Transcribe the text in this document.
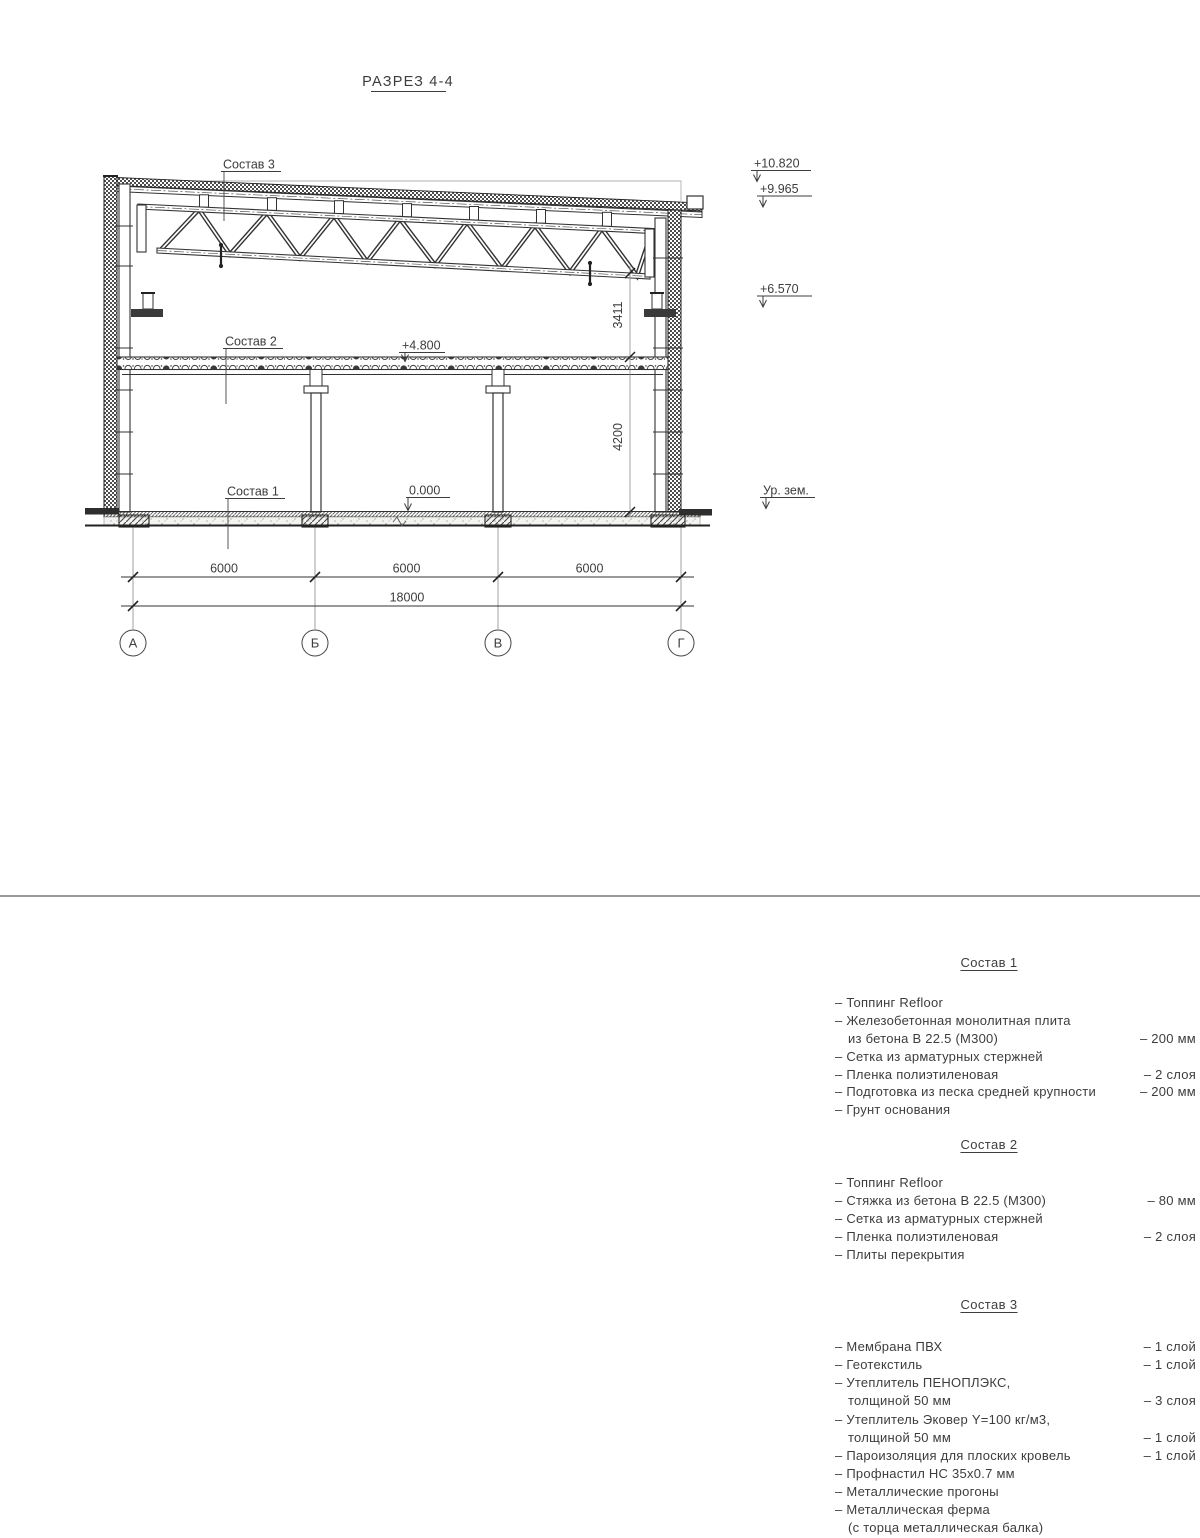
РАЗРЕЗ 4-4
3411
4200
6000	6000	6000
18000
А	Б	В	Г
Состав 3
Состав 2
Состав 1
+10.820
+9.965
+6.570
Ур. зем.
+4.800
0.000
Состав 1
– Топпинг Refloor
– Железобетонная монолитная плита
из бетона В 22.5 (М300)	– 200 мм
– Сетка из арматурных стержней
– Пленка полиэтиленовая	– 2 слоя
– Подготовка из песка средней крупности	– 200 мм
– Грунт основания
Состав 2
– Топпинг Refloor
– Стяжка из бетона В 22.5 (М300)	– 80 мм
– Сетка из арматурных стержней
– Пленка полиэтиленовая	– 2 слоя
– Плиты перекрытия
Состав 3
– Мембрана ПВХ	– 1 слой
– Геотекстиль	– 1 слой
– Утеплитель ПЕНОПЛЭКС,
толщиной 50 мм	– 3 слоя
– Утеплитель Эковер Y=100 кг/м3,
толщиной 50 мм	– 1 слой
– Пароизоляция для плоских кровель	– 1 слой
– Профнастил НС 35х0.7 мм
– Металлические прогоны
– Металлическая ферма
(с торца металлическая балка)
